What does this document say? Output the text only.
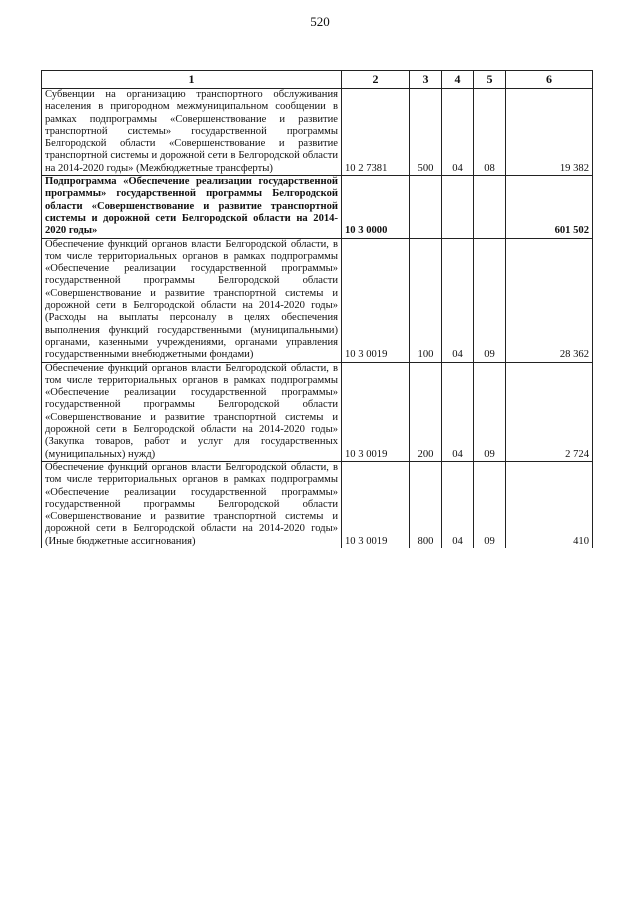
520
1	2	3	4	5	6
Субвенции на организацию транспортного обслуживания населения в пригородном межмуниципальном сообщении в рамках подпрограммы «Совершенствование и развитие транспортной системы» государственной программы Белгородской области «Совершенствование и развитие транспортной системы и дорожной сети в Белгородской области на 2014-2020 годы» (Межбюджетные трансферты)	10 2 7381	500	04	08	19 382
Подпрограмма «Обеспечение реализации государственной программы» государственной программы Белгородской области «Совершенствование и развитие транспортной системы и дорожной сети Белгородской области на 2014-2020 годы»	10 3 0000				601 502
Обеспечение функций органов власти Белгородской области, в том числе территориальных органов в рамках подпрограммы «Обеспечение реализации государственной программы» государственной программы Белгородской области «Совершенствование и развитие транспортной системы и дорожной сети в Белгородской области на 2014-2020 годы» (Расходы на выплаты персоналу в целях обеспечения выполнения функций государственными (муниципальными) органами, казенными учреждениями, органами управления государственными внебюджетными фондами)	10 3 0019	100	04	09	28 362
Обеспечение функций органов власти Белгородской области, в том числе территориальных органов в рамках подпрограммы «Обеспечение реализации государственной программы» государственной программы Белгородской области «Совершенствование и развитие транспортной системы и дорожной сети в Белгородской области на 2014-2020 годы» (Закупка товаров, работ и услуг для государственных (муниципальных) нужд)	10 3 0019	200	04	09	2 724
Обеспечение функций органов власти Белгородской области, в том числе территориальных органов в рамках подпрограммы «Обеспечение реализации государственной программы» государственной программы Белгородской области «Совершенствование и развитие транспортной системы и дорожной сети в Белгородской области на 2014-2020 годы» (Иные бюджетные ассигнования)	10 3 0019	800	04	09	410
